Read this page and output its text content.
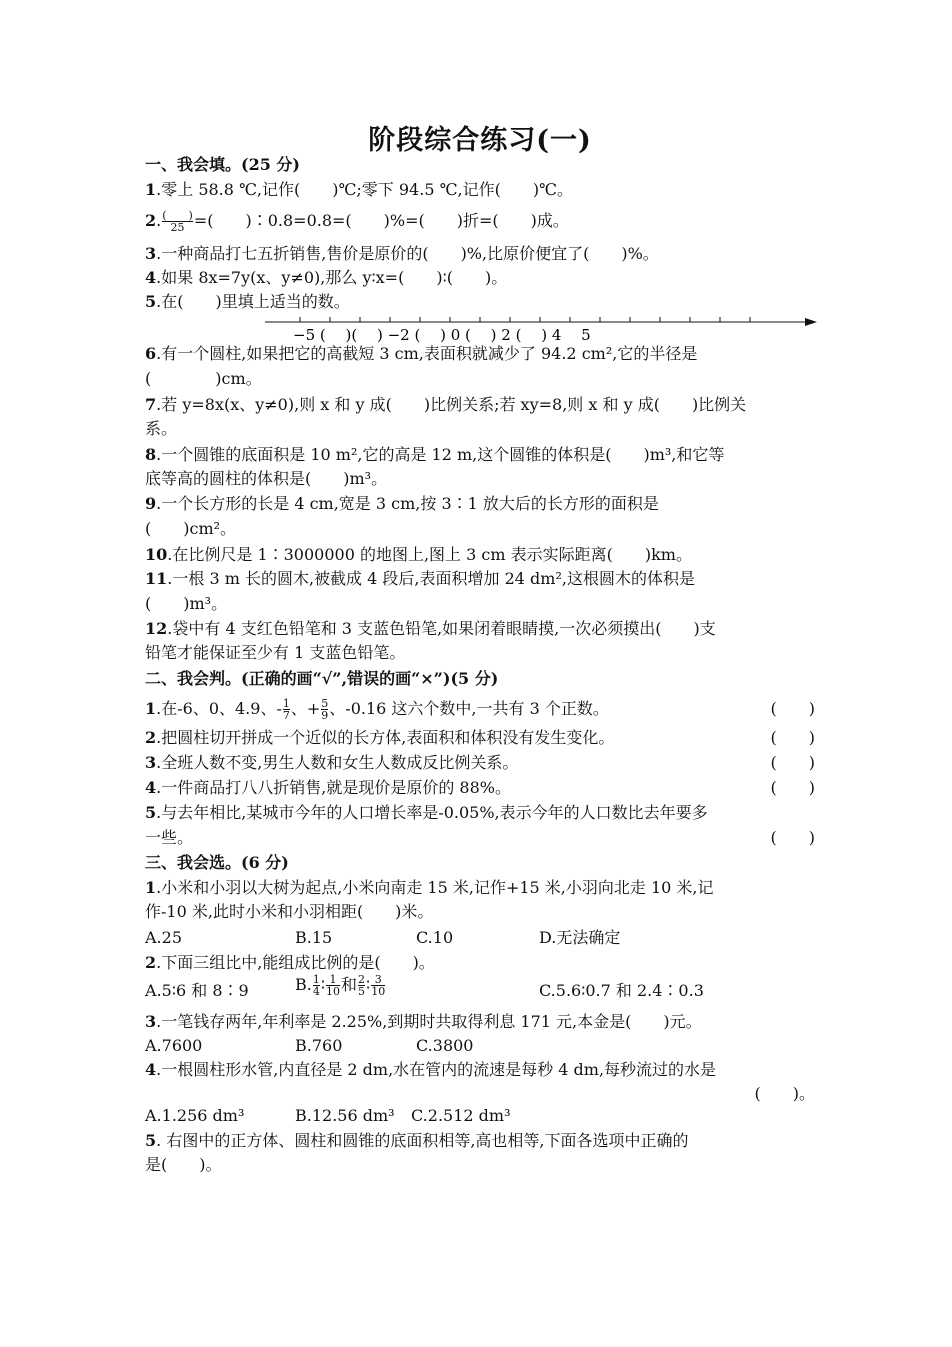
阶段综合练习(一)
一、我会填。(25 分)
1.零上 58.8 ℃,记作(　　)℃;零下 94.5 ℃,记作(　　)℃。
2. $\frac{( )}{25}$ =(　　)∶0.8=0.8=(　　)%=(　　)折=(　　)成。
3.一种商品打七五折销售,售价是原价的(　　)%,比原价便宜了(　　)%。
4.如果 8x=7y(x、y≠0),那么 y∶x=(　　)∶(　　)。
5.在(　　)里填上适当的数。
−5 (　 )(　 ) −2 (　 ) 0 (　 ) 2 (　 ) 4 　5
6.有一个圆柱,如果把它的高截短 3 cm,表面积就减少了 94.2 cm²,它的半径是
(　　　　)cm。
7.若 y=8x(x、y≠0),则 x 和 y 成(　　)比例关系;若 xy=8,则 x 和 y 成(　　)比例关
系。
8.一个圆锥的底面积是 10 m²,它的高是 12 m,这个圆锥的体积是(　　)m³,和它等
底等高的圆柱的体积是(　　)m³。
9.一个长方形的长是 4 cm,宽是 3 cm,按 3∶1 放大后的长方形的面积是
(　　)cm²。
10.在比例尺是 1∶3000000 的地图上,图上 3 cm 表示实际距离(　　)km。
11.一根 3 m 长的圆木,被截成 4 段后,表面积增加 24 dm²,这根圆木的体积是
(　　)m³。
12.袋中有 4 支红色铅笔和 3 支蓝色铅笔,如果闭着眼睛摸,一次必须摸出(　　)支
铅笔才能保证至少有 1 支蓝色铅笔。
二、我会判。(正确的画“√”,错误的画“×”)(5 分)
1.在-6、0、4.9、- $\frac{1}{7}$ 、+ $\frac{5}{9}$ 、-0.16 这六个数中,一共有 3 个正数。	(　　)
2.把圆柱切开拼成一个近似的长方体,表面积和体积没有发生变化。	(　　)
3.全班人数不变,男生人数和女生人数成反比例关系。	(　　)
4.一件商品打八八折销售,就是现价是原价的 88%。	(　　)
5.与去年相比,某城市今年的人口增长率是-0.05%,表示今年的人口数比去年要多
一些。	(　　)
三、我会选。(6 分)
1.小米和小羽以大树为起点,小米向南走 15 米,记作+15 米,小羽向北走 10 米,记
作-10 米,此时小米和小羽相距(　　)米。
A.25	B.15	C.10	D.无法确定
2.下面三组比中,能组成比例的是(　　)。
A.5∶6 和 8∶9	B. $\frac{1}{4}$ ∶ $\frac{1}{10}$ 和 $\frac{2}{5}$ ∶ $\frac{3}{10}$	C.5.6∶0.7 和 2.4∶0.3
3.一笔钱存两年,年利率是 2.25%,到期时共取得利息 171 元,本金是(　　)元。
A.7600	B.760	C.3800
4.一根圆柱形水管,内直径是 2 dm,水在管内的流速是每秒 4 dm,每秒流过的水是
(　　)。
A.1.256 dm³	B.12.56 dm³ C.2.512 dm³
5. 右图中的正方体、圆柱和圆锥的底面积相等,高也相等,下面各选项中正确的
是(　　)。
